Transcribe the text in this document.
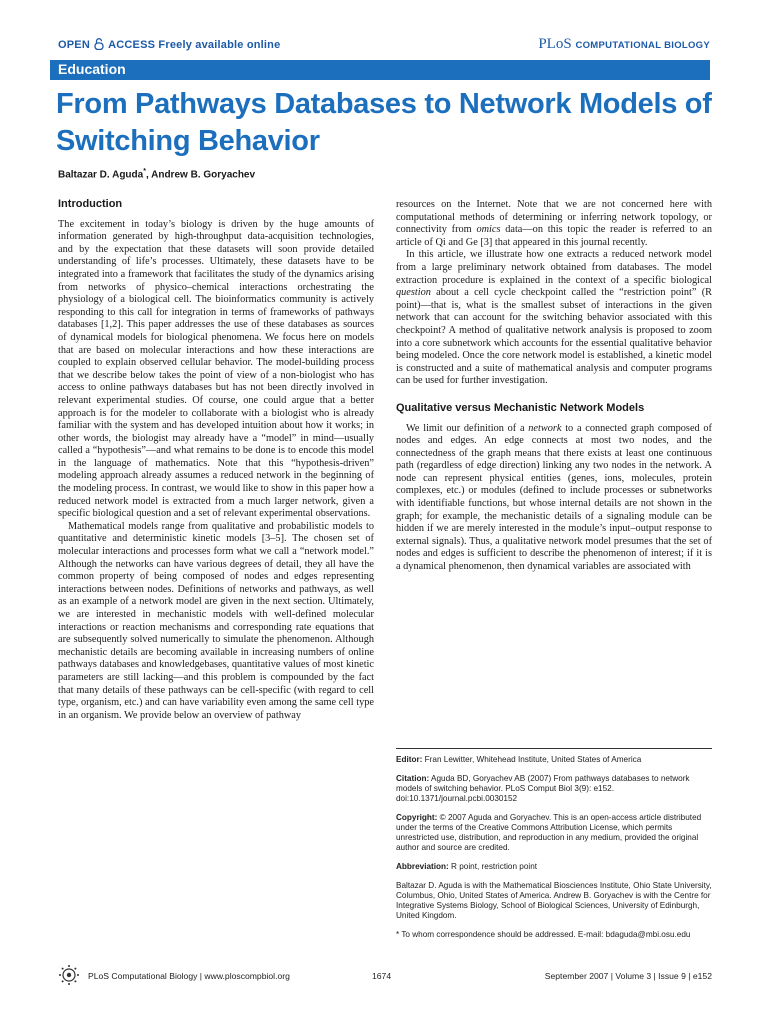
OPEN ACCESS Freely available online	PLoS COMPUTATIONAL BIOLOGY
Education
From Pathways Databases to Network Models of Switching Behavior
Baltazar D. Aguda*, Andrew B. Goryachev
Introduction

The excitement in today’s biology is driven by the huge amounts of information generated by high-throughput data-acquisition technologies, and by the expectation that these datasets will soon provide detailed understanding of life’s processes. Ultimately, these datasets have to be integrated into a framework that facilitates the study of the dynamics arising from networks of physico–chemical interactions orchestrating the physiology of a biological cell. The bioinformatics community is actively responding to this call for integration in terms of frameworks of pathways databases [1,2]. This paper addresses the use of these databases as sources of dynamical models for biological phenomena. We focus here on models that are based on molecular interactions and how these interactions are coupled to explain observed cellular behavior. The model-building process that we describe below takes the point of view of a non-biologist who has access to online pathways databases but has not been directly involved in relevant experimental studies. Of course, one could argue that a better approach is for the modeler to collaborate with a biologist who is already familiar with the system and has developed intuition about how it works; in other words, the biologist may already have a “model” in mind—usually called a “hypothesis”—and what remains to be done is to encode this model in the language of mathematics. Note that this “hypothesis-driven” modeling approach already assumes a reduced network in the beginning of the modeling process. In contrast, we would like to show in this paper how a reduced network model is extracted from a much larger network, given a specific biological question and a set of relevant experimental observations.

Mathematical models range from qualitative and probabilistic models to quantitative and deterministic kinetic models [3–5]. The chosen set of molecular interactions and processes form what we call a “network model.” Although the networks can have various degrees of detail, they all have the common property of being composed of nodes and edges representing interactions between nodes. Definitions of networks and pathways, as well as an example of a network model are given in the next section. Ultimately, we are interested in mechanistic models with well-defined molecular interactions or reaction mechanisms and corresponding rate equations that are subsequently solved numerically to simulate the phenomenon. Although mechanistic details are becoming available in increasing numbers of online pathways databases and knowledgebases, quantitative values of most kinetic parameters are still lacking—and this problem is compounded by the fact that many details of these pathways can be cell-specific (with regard to cell type, organism, etc.) and can have variability even among the same cell type in an organism. We provide below an overview of pathway

resources on the Internet. Note that we are not concerned here with computational methods of determining or inferring network topology, or connectivity from omics data—on this topic the reader is referred to an article of Qi and Ge [3] that appeared in this journal recently.

In this article, we illustrate how one extracts a reduced network model from a large preliminary network obtained from databases. The model extraction procedure is explained in the context of a specific biological question about a cell cycle checkpoint called the “restriction point” (R point)—that is, what is the smallest subset of interactions in the given network that can account for the switching behavior associated with this checkpoint? A method of qualitative network analysis is proposed to zoom into a core subnetwork which accounts for the essential qualitative behavior being modeled. Once the core network model is established, a kinetic model is constructed and a suite of mathematical analysis and computer programs can be used for further investigation.

Qualitative versus Mechanistic Network Models

We limit our definition of a network to a connected graph composed of nodes and edges. An edge connects at most two nodes, and the connectedness of the graph means that there exists at least one continuous path (regardless of edge direction) linking any two nodes in the network. A node can represent physical entities (genes, ions, molecules, protein complexes, etc.) or modules (defined to include processes or subnetworks with identifiable functions, but whose internal details are not shown in the graph; for example, the mechanistic details of a signaling module can be hidden if we are merely interested in the module’s input–output response to external signals). Thus, a qualitative network model presumes that the set of nodes and edges is sufficient to describe the phenomenon of interest; if it is a dynamical phenomenon, then dynamical variables are associated with

Editor: Fran Lewitter, Whitehead Institute, United States of America

Citation: Aguda BD, Goryachev AB (2007) From pathways databases to network models of switching behavior. PLoS Comput Biol 3(9): e152. doi:10.1371/journal.pcbi.0030152

Copyright: © 2007 Aguda and Goryachev. This is an open-access article distributed under the terms of the Creative Commons Attribution License, which permits unrestricted use, distribution, and reproduction in any medium, provided the original author and source are credited.

Abbreviation: R point, restriction point

Baltazar D. Aguda is with the Mathematical Biosciences Institute, Ohio State University, Columbus, Ohio, United States of America. Andrew B. Goryachev is with the Centre for Integrative Systems Biology, School of Biological Sciences, University of Edinburgh, United Kingdom.

* To whom correspondence should be addressed. E-mail: bdaguda@mbi.osu.edu

PLoS Computational Biology | www.ploscompbiol.org	1674	September 2007 | Volume 3 | Issue 9 | e152
